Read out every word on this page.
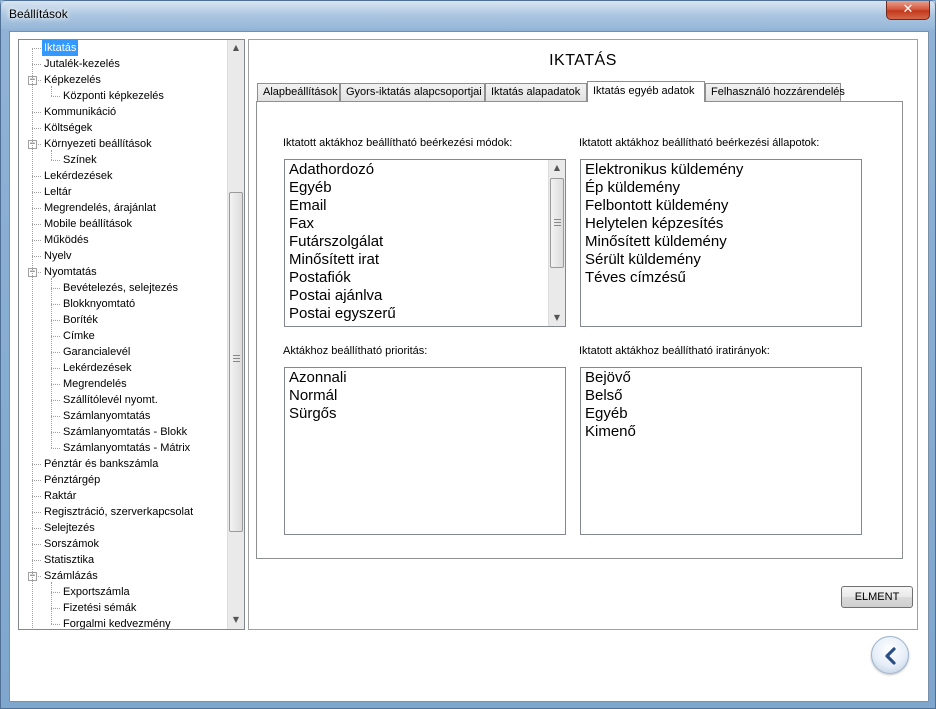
Beállítások	✕
Iktatás
Jutalék-kezelés
− Képkezelés
Központi képkezelés
Kommunikáció
Költségek
− Környezeti beállítások
Színek
Lekérdezések
Leltár
Megrendelés, árajánlat
Mobile beállítások
Működés
Nyelv
− Nyomtatás
Bevételezés, selejtezés
Blokknyomtató
Boríték
Címke
Garancialevél
Lekérdezések
Megrendelés
Szállítólevél nyomt.
Számlanyomtatás
Számlanyomtatás - Blokk
Számlanyomtatás - Mátrix
Pénztár és bankszámla
Pénztárgép
Raktár
Regisztráció, szerverkapcsolat
Selejtezés
Sorszámok
Statisztika
− Számlázás
Exportszámla
Fizetési sémák
Forgalmi kedvezmény
▲
▼
IKTATÁS
Alapbeállítások Gyors-iktatás alapcsoportjai Iktatás alapadatok	Iktatás egyéb adatok	Felhasználó hozzárendelés
Iktatott aktákhoz beállítható beérkezési módok:
Adathordozó
Egyéb
Email
Fax
Futárszolgálat
Minősített irat
Postafiók
Postai ajánlva
Postai egyszerű
▲
▼
Iktatott aktákhoz beállítható beérkezési állapotok:
Elektronikus küldemény
Ép küldemény
Felbontott küldemény
Helytelen képzesítés
Minősített küldemény
Sérült küldemény
Téves címzésű
Aktákhoz beállítható prioritás:
Azonnali
Normál
Sürgős
Iktatott aktákhoz beállítható iratirányok:
Bejövő
Belső
Egyéb
Kimenő
ELMENT
